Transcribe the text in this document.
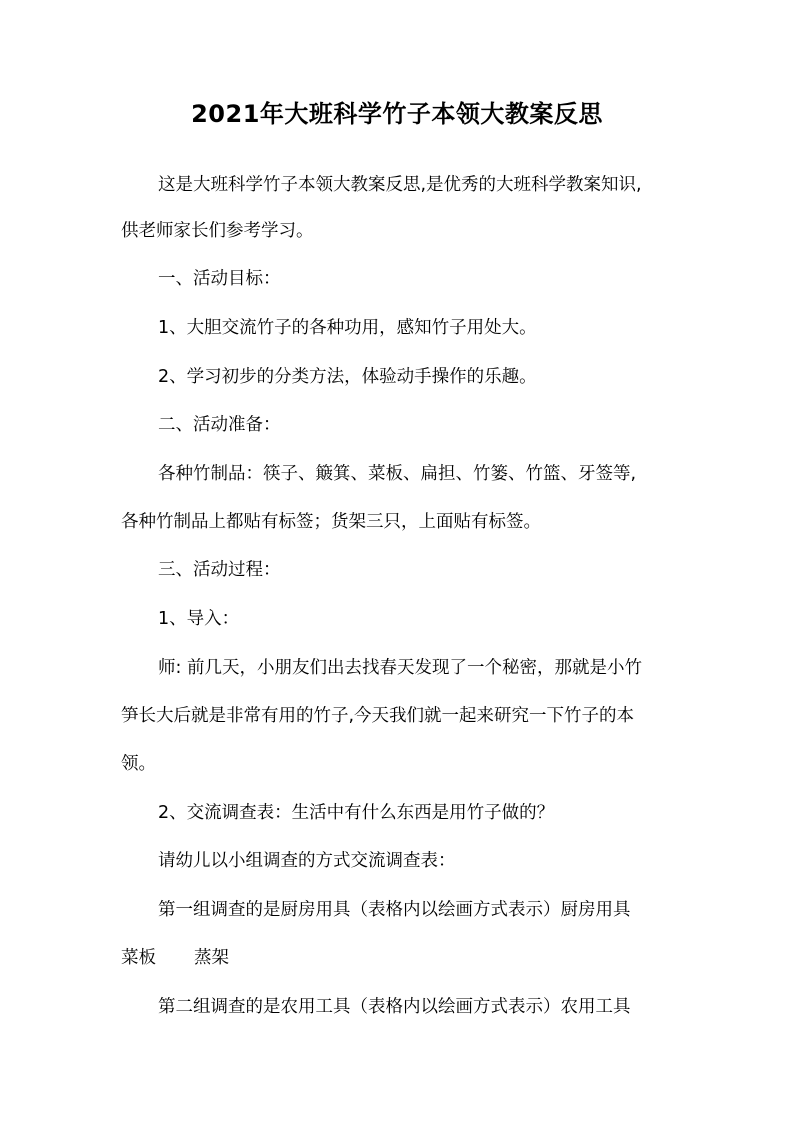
2021年大班科学竹子本领大教案反思
这是大班科学竹子本领大教案反思,是优秀的大班科学教案知识,
供老师家长们参考学习。
一、活动目标：
1、大胆交流竹子的各种功用，感知竹子用处大。
2、学习初步的分类方法，体验动手操作的乐趣。
二、活动准备：
各种竹制品：筷子、簸箕、菜板、扁担、竹篓、竹篮、牙签等,
各种竹制品上都贴有标签；货架三只，上面贴有标签。
三、活动过程：
1、导入：
师: 前几天，小朋友们出去找春天发现了一个秘密，那就是小竹
笋长大后就是非常有用的竹子,今天我们就一起来研究一下竹子的本
领。
2、交流调查表：生活中有什么东西是用竹子做的？
请幼儿以小组调查的方式交流调查表：
第一组调查的是厨房用具（表格内以绘画方式表示）厨房用具
菜板 蒸架
第二组调查的是农用工具（表格内以绘画方式表示）农用工具
